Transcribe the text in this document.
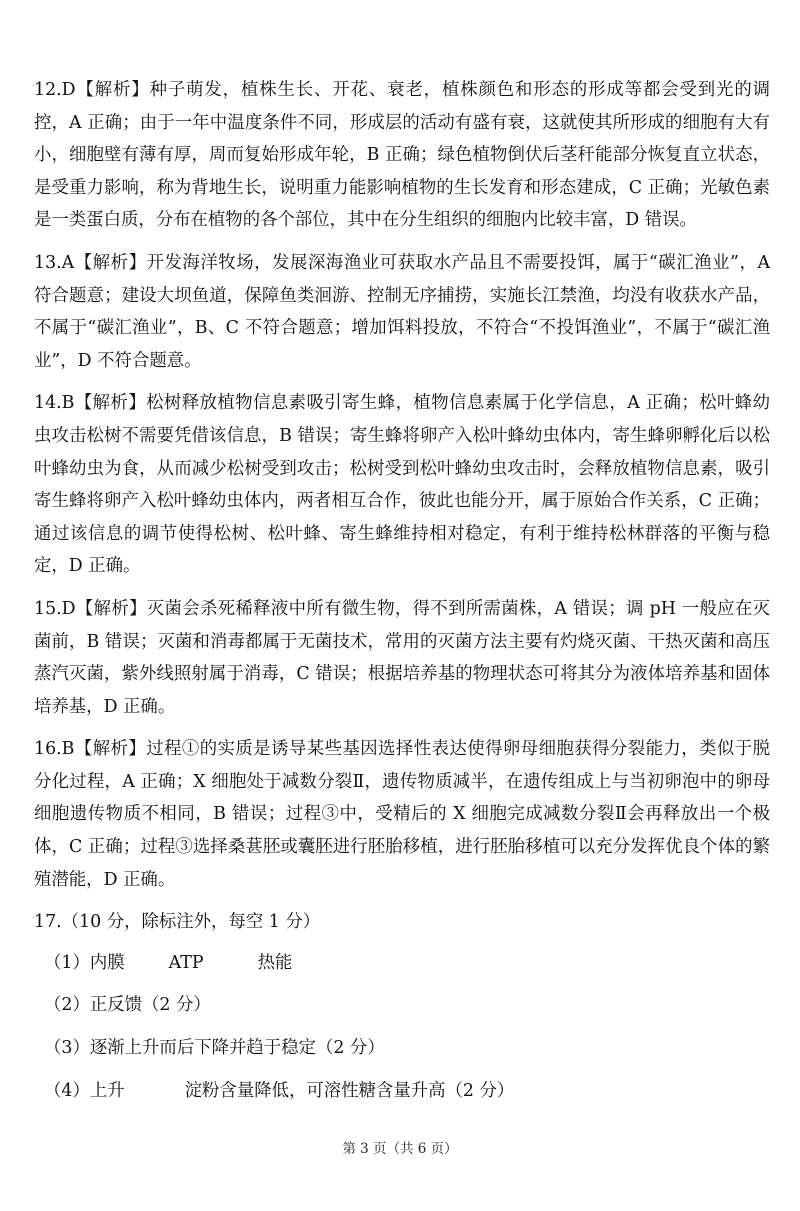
12.D【解析】种子萌发，植株生长、开花、衰老，植株颜色和形态的形成等都会受到光的调控，A 正确；由于一年中温度条件不同，形成层的活动有盛有衰，这就使其所形成的细胞有大有小，细胞壁有薄有厚，周而复始形成年轮，B 正确；绿色植物倒伏后茎秆能部分恢复直立状态，是受重力影响，称为背地生长，说明重力能影响植物的生长发育和形态建成，C 正确；光敏色素是一类蛋白质，分布在植物的各个部位，其中在分生组织的细胞内比较丰富，D 错误。

13.A【解析】开发海洋牧场，发展深海渔业可获取水产品且不需要投饵，属于“碳汇渔业”，A 符合题意；建设大坝鱼道，保障鱼类洄游、控制无序捕捞，实施长江禁渔，均没有收获水产品，不属于“碳汇渔业”，B、C 不符合题意；增加饵料投放，不符合“不投饵渔业”，不属于“碳汇渔业”，D 不符合题意。

14.B【解析】松树释放植物信息素吸引寄生蜂，植物信息素属于化学信息，A 正确；松叶蜂幼虫攻击松树不需要凭借该信息，B 错误；寄生蜂将卵产入松叶蜂幼虫体内，寄生蜂卵孵化后以松叶蜂幼虫为食，从而减少松树受到攻击；松树受到松叶蜂幼虫攻击时，会释放植物信息素，吸引寄生蜂将卵产入松叶蜂幼虫体内，两者相互合作，彼此也能分开，属于原始合作关系，C 正确；通过该信息的调节使得松树、松叶蜂、寄生蜂维持相对稳定，有利于维持松林群落的平衡与稳定，D 正确。

15.D【解析】灭菌会杀死稀释液中所有微生物，得不到所需菌株，A 错误；调 pH 一般应在灭菌前，B 错误；灭菌和消毒都属于无菌技术，常用的灭菌方法主要有灼烧灭菌、干热灭菌和高压蒸汽灭菌，紫外线照射属于消毒，C 错误；根据培养基的物理状态可将其分为液体培养基和固体培养基，D 正确。

16.B【解析】过程①的实质是诱导某些基因选择性表达使得卵母细胞获得分裂能力，类似于脱分化过程，A 正确；X 细胞处于减数分裂Ⅱ，遗传物质减半，在遗传组成上与当初卵泡中的卵母细胞遗传物质不相同，B 错误；过程③中，受精后的 X 细胞完成减数分裂Ⅱ会再释放出一个极体，C 正确；过程③选择桑葚胚或囊胚进行胚胎移植，进行胚胎移植可以充分发挥优良个体的繁殖潜能，D 正确。

17.（10 分，除标注外，每空 1 分）

（1）内膜	ATP	热能

（2）正反馈（2 分）

（3）逐渐上升而后下降并趋于稳定（2 分）

（4）上升	淀粉含量降低，可溶性糖含量升高（2 分）

第 3 页（共 6 页）
